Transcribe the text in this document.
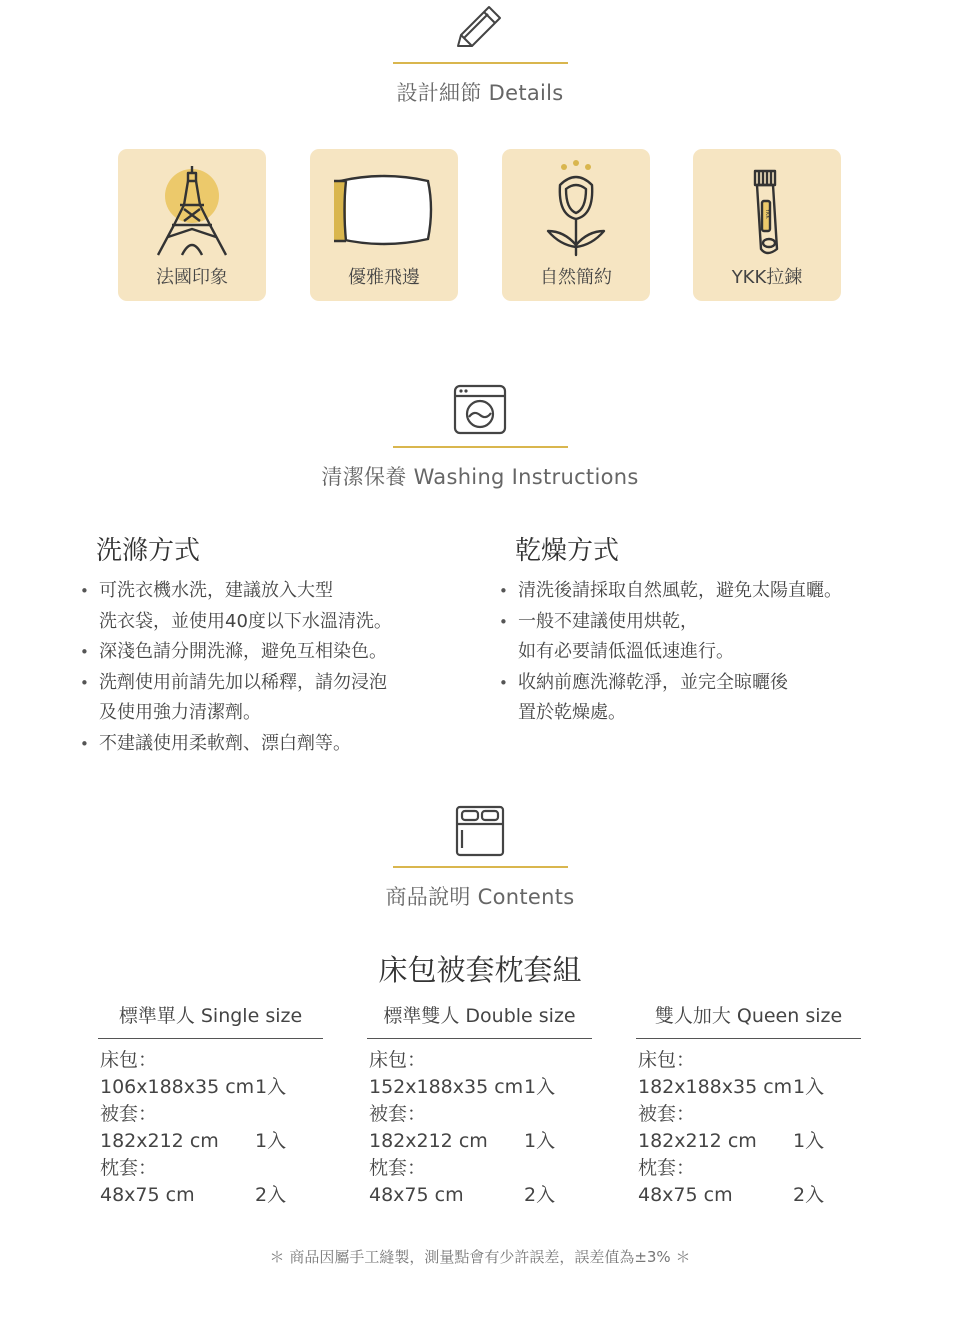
設計細節 Details
法國印象	優雅飛邊	自然簡約
YKK
YKK拉鍊
清潔保養 Washing Instructions
洗滌方式
• 可洗衣機水洗，建議放入大型
洗衣袋，並使用40度以下水溫清洗。
• 深淺色請分開洗滌，避免互相染色。
• 洗劑使用前請先加以稀釋，請勿浸泡
及使用強力清潔劑。
• 不建議使用柔軟劑、漂白劑等。
乾燥方式
• 清洗後請採取自然風乾，避免太陽直曬。
• 一般不建議使用烘乾，
如有必要請低溫低速進行。
• 收納前應洗滌乾淨，並完全晾曬後
置於乾燥處。
商品說明 Contents
床包被套枕套組
標準單人 Single size
床包：
106x188x35 cm1入
被套：
182x212 cm 1入
枕套：
48x75 cm	2入
標準雙人 Double size
床包：
152x188x35 cm1入
被套：
182x212 cm 1入
枕套：
48x75 cm	2入
雙人加大 Queen size
床包：
182x188x35 cm1入
被套：
182x212 cm 1入
枕套：
48x75 cm	2入
＊ 商品因屬手工縫製，測量點會有少許誤差，誤差值為±3% ＊
